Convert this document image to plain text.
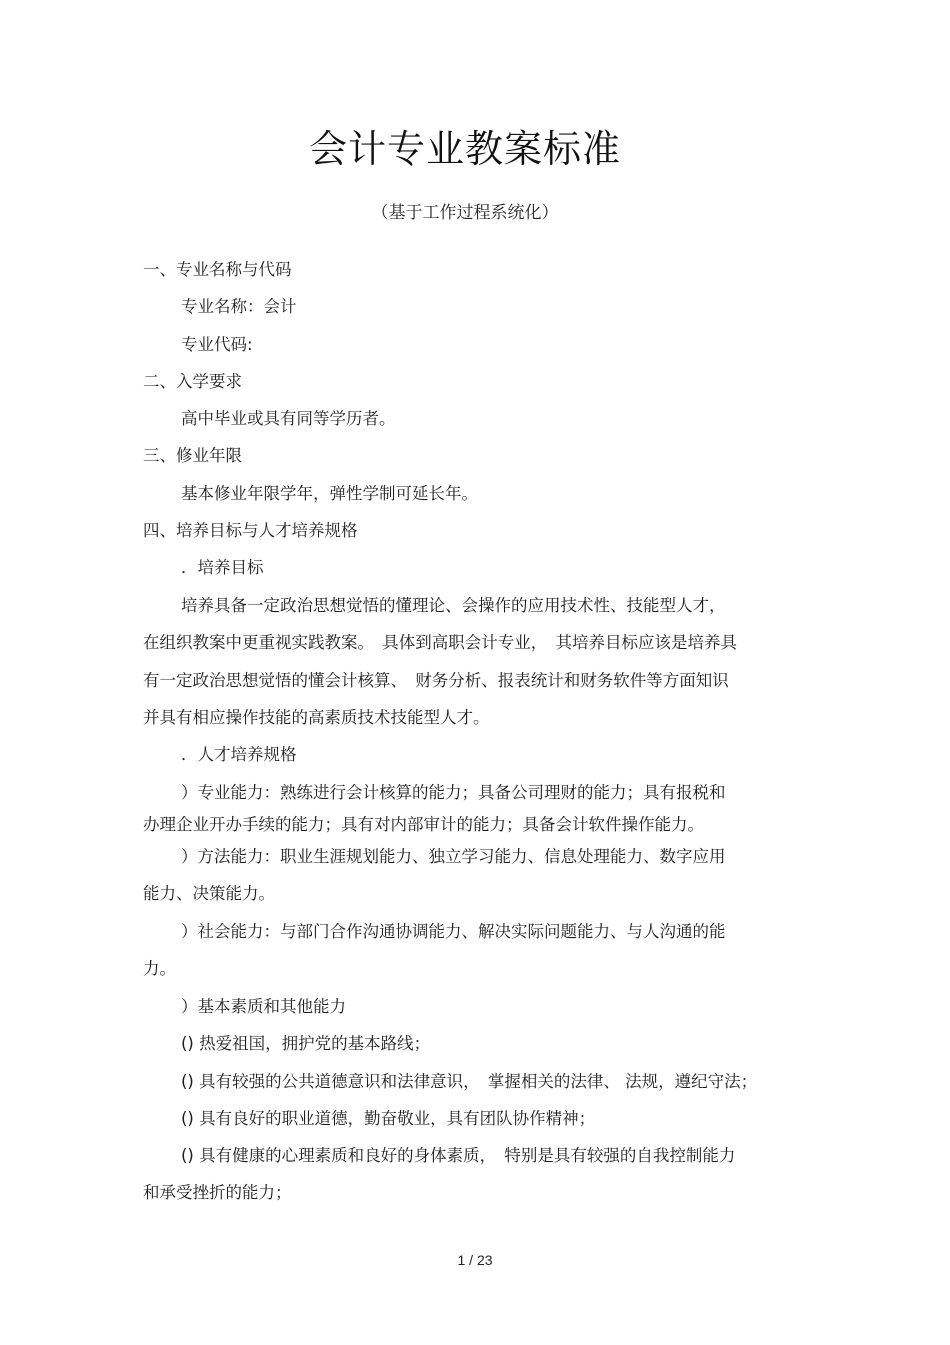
会计专业教案标准
（基于工作过程系统化）
一、专业名称与代码
专业名称：会计
专业代码:
二、入学要求
高中毕业或具有同等学历者。
三、修业年限
基本修业年限学年，弹性学制可延长年。
四、培养目标与人才培养规格
．培养目标
培养具备一定政治思想觉悟的懂理论、会操作的应用技术性、技能型人才，
在组织教案中更重视实践教案。　具体到高职会计专业，　其培养目标应该是培养具
有一定政治思想觉悟的懂会计核算、　财务分析、报表统计和财务软件等方面知识
并具有相应操作技能的高素质技术技能型人才。
．人才培养规格
）专业能力：熟练进行会计核算的能力；具备公司理财的能力；具有报税和
办理企业开办手续的能力；具有对内部审计的能力；具备会计软件操作能力。
）方法能力：职业生涯规划能力、独立学习能力、信息处理能力、数字应用
能力、决策能力。
）社会能力：与部门合作沟通协调能力、解决实际问题能力、与人沟通的能
力。
）基本素质和其他能力
() 热爱祖国，拥护党的基本路线；
() 具有较强的公共道德意识和法律意识，　掌握相关的法律、 法规，遵纪守法；
() 具有良好的职业道德，勤奋敬业，具有团队协作精神；
() 具有健康的心理素质和良好的身体素质，　特别是具有较强的自我控制能力
和承受挫折的能力；
1 / 23
